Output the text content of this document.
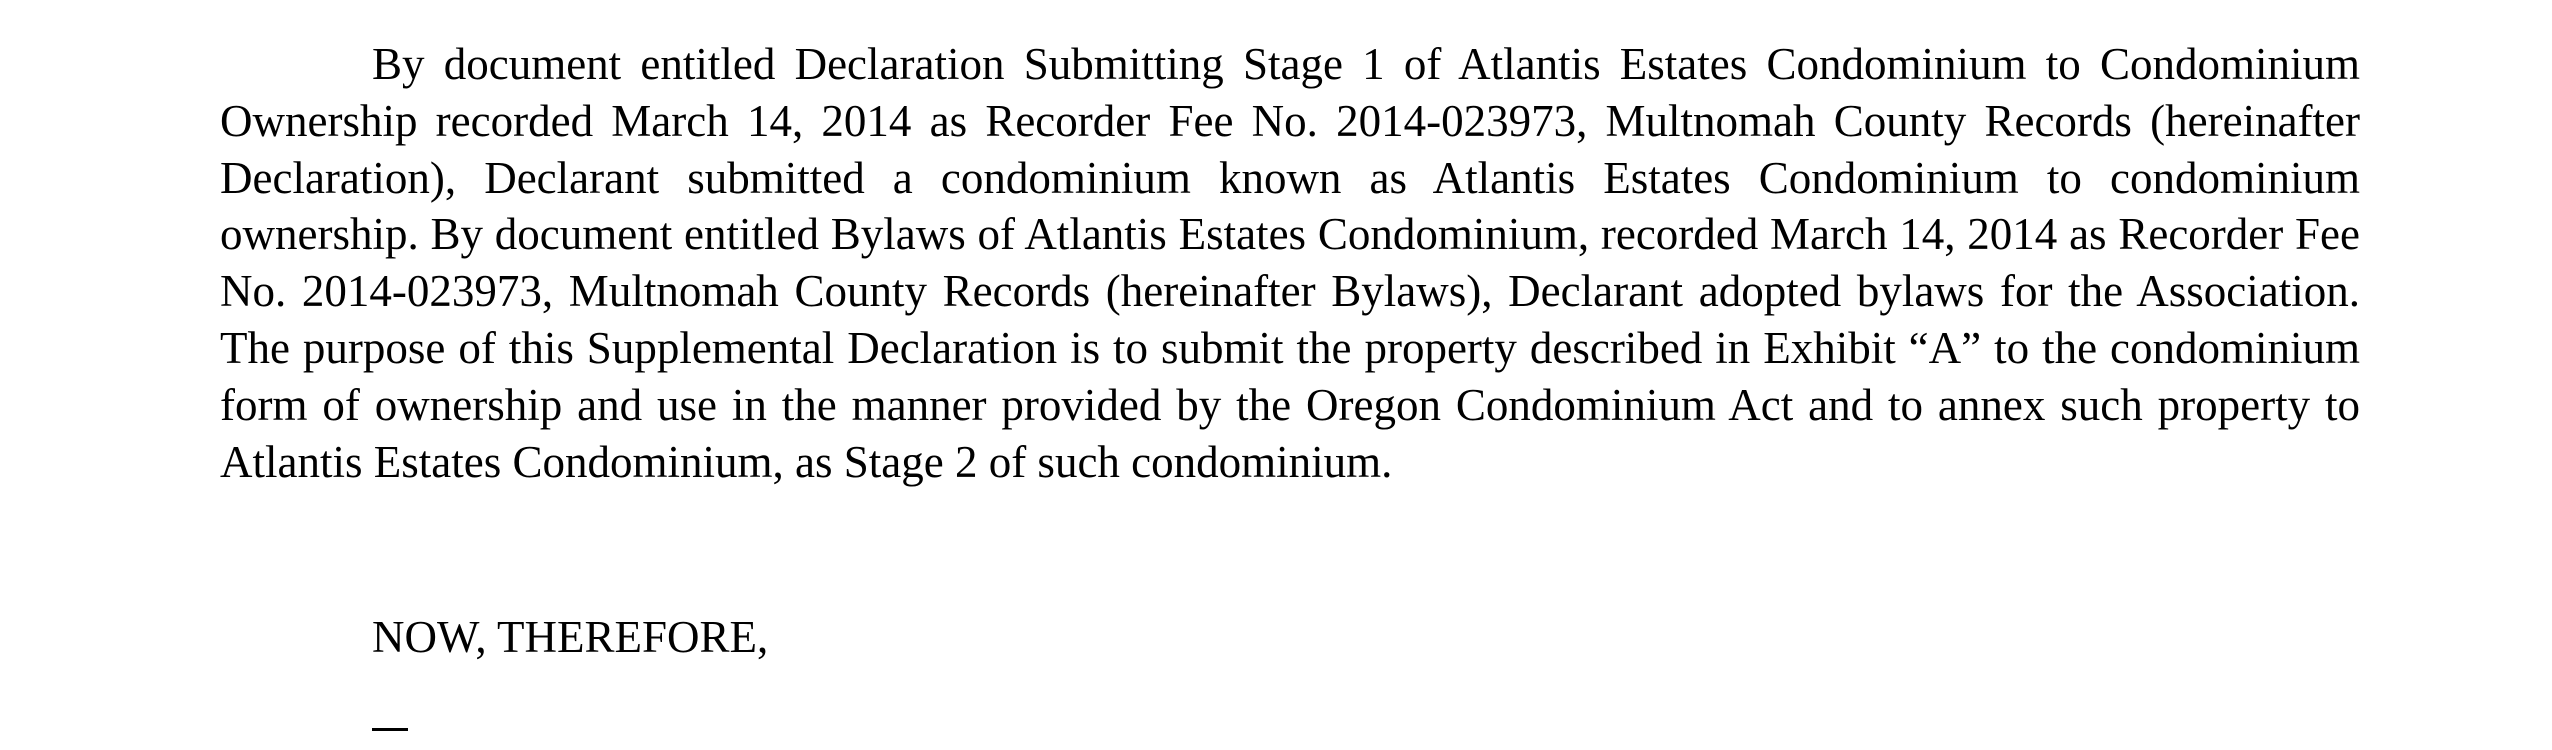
By document entitled Declaration Submitting Stage 1 of Atlantis Estates Condominium to Condominium Ownership recorded March 14, 2014 as Recorder Fee No. 2014-023973, Multnomah County Records (hereinafter Declaration), Declarant submitted a condominium known as Atlantis Estates Condominium to condominium ownership. By document entitled Bylaws of Atlantis Estates Condominium, recorded March 14, 2014 as Recorder Fee No. 2014-023973, Multnomah County Records (hereinafter Bylaws), Declarant adopted bylaws for the Association. The purpose of this Supplemental Declaration is to submit the property described in Exhibit “A” to the condominium form of ownership and use in the manner provided by the Oregon Condominium Act and to annex such property to Atlantis Estates Condominium, as Stage 2 of such condominium.

NOW, THEREFORE,
